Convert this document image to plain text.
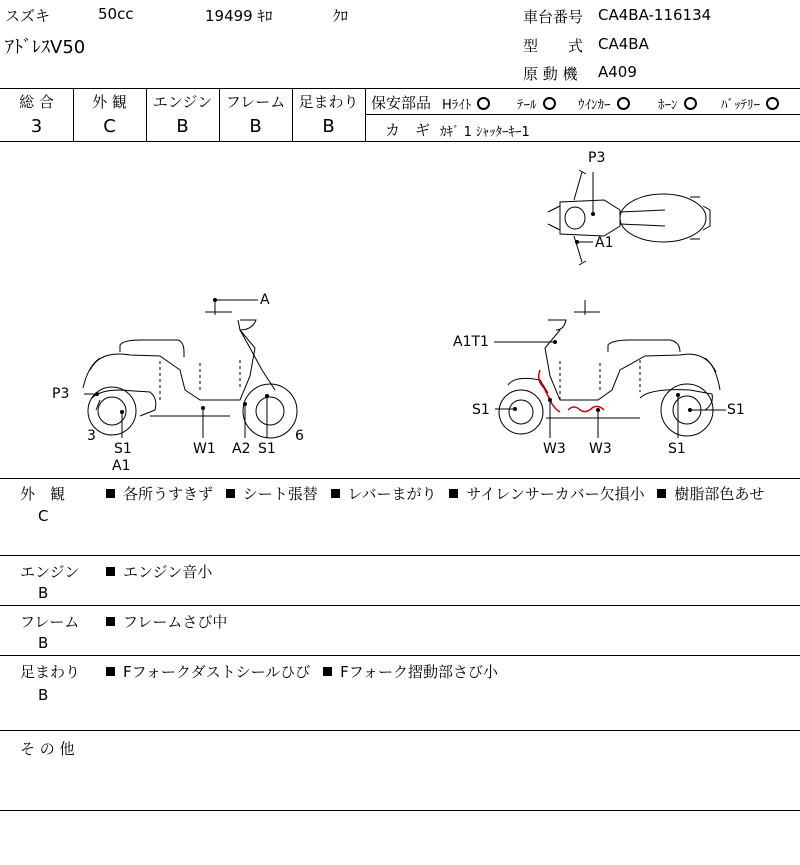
スズキ	50cc	19499 ｷﾛ	ｸﾛ
ｱﾄﾞﾚｽV50
車台番号 CA4BA-116134
型　　式 CA4BA
原 動 機 A409
総 合	外 観	エンジン フレーム 足まわり
3	C	B	B	B
保安部品 Hﾗｲﾄ	ﾃｰﾙ	ｳｲﾝｶｰ	ﾎｰﾝ	ﾊﾞｯﾃﾘｰ
カ　ギ ｶｷﾞ 1 ｼｬｯﾀｰｷｰ1
P3
A1
A
P3
3
S1
A1
W1 A2 S1
6
A1T1
S1	S1
W3 W3	S1
外　観
C
各所うすきず シート張替 レバーまがり サイレンサーカバー欠損小 樹脂部色あせ
エンジン
B
エンジン音小
フレーム
B
フレームさび中
足まわり
B
Fフォークダストシールひび Fフォーク摺動部さび小
そ の 他
